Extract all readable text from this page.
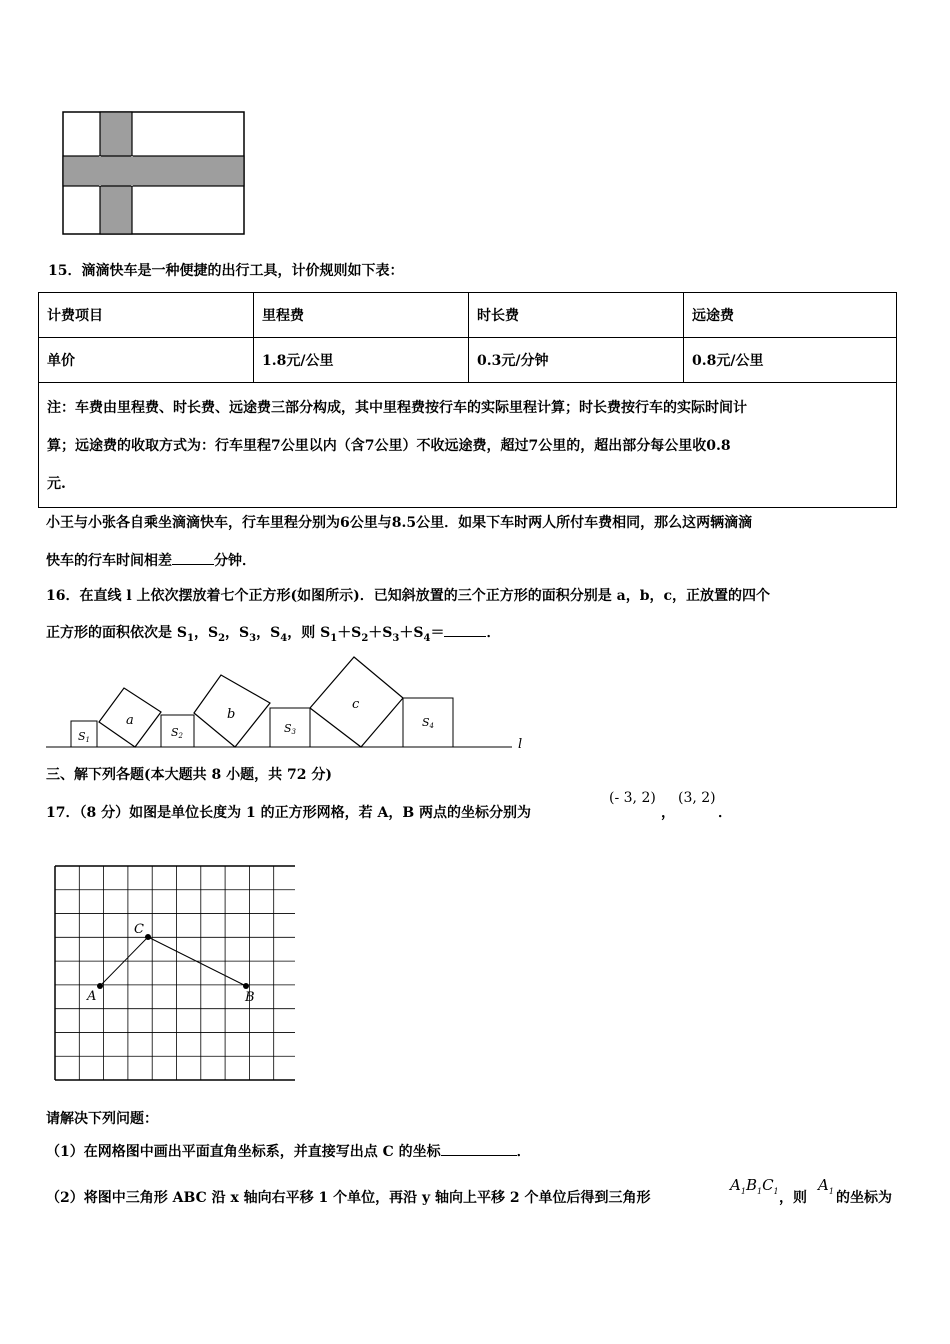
15．滴滴快车是一种便捷的出行工具，计价规则如下表：
计费项目	里程费	时长费	远途费
单价	1.8元/公里	0.3元/分钟	0.8元/公里

注：车费由里程费、时长费、远途费三部分构成，其中里程费按行车的实际里程计算；时长费按行车的实际时间计
算；远途费的收取方式为：行车里程7公里以内（含7公里）不收远途费，超过7公里的，超出部分每公里收0.8
元.			
小王与小张各自乘坐滴滴快车，行车里程分别为6公里与8.5公里．如果下车时两人所付车费相同，那么这两辆滴滴
快车的行车时间相差	分钟．
16．在直线 l 上依次摆放着七个正方形(如图所示)．已知斜放置的三个正方形的面积分别是 a，b，c，正放置的四个
正方形的面积依次是 $S_1$，$S_2$，$S_3$，$S_4$，则 $S_1+S_2+S_3+S_4=$	．
a	b
c
l
S1
S2
S3
S4
三、解下列各题(本大题共 8 小题，共 72 分)
17．（8 分）如图是单位长度为 1 的正方形网格，若 A，B 两点的坐标分别为
(- 3, 2)
，
(3, 2)
．
A	B
C
请解决下列问题：
（1）在网格图中画出平面直角坐标系，并直接写出点 C 的坐标	．
（2）将图中三角形 ABC 沿 x 轴向右平移 1 个单位，再沿 y 轴向上平移 2 个单位后得到三角形
$A_1B_1C_1$ ，则
$A_1$ 的坐标为
